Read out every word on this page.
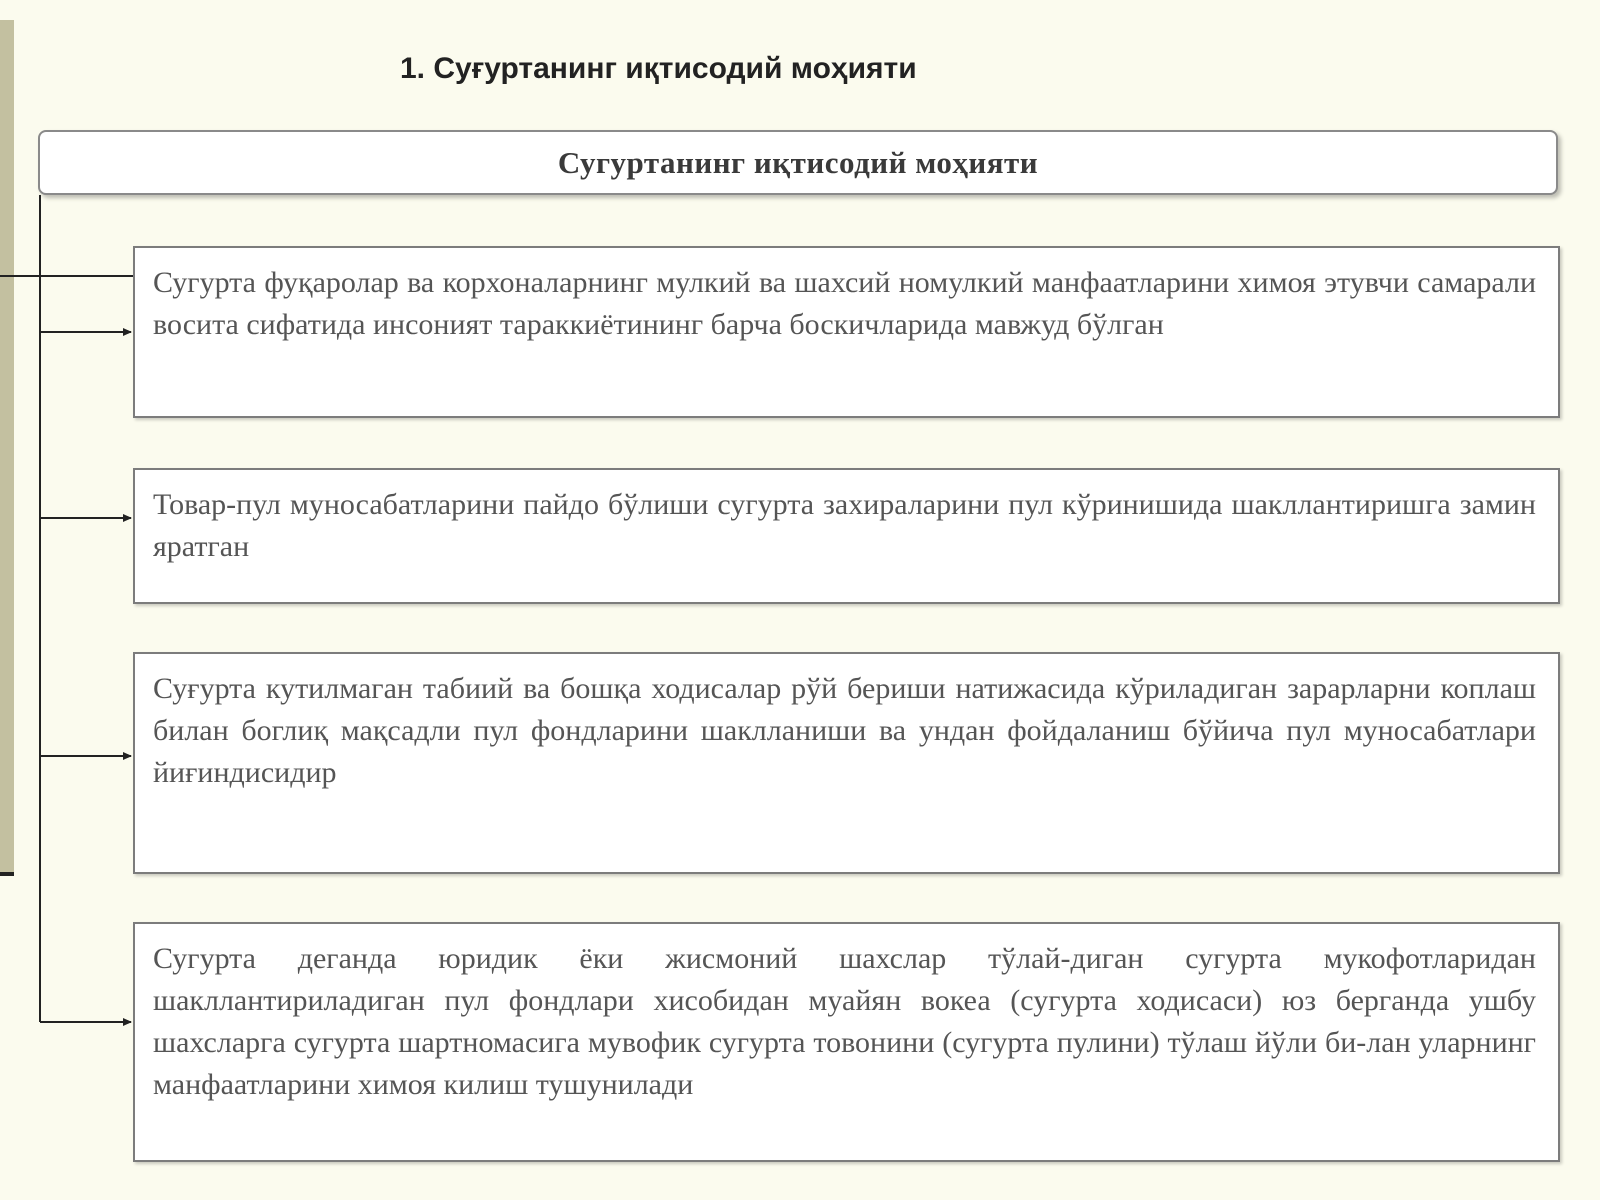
1. Суғуртанинг иқтисодий моҳияти
Сугуртанинг иқтисодий моҳияти

Сугурта фуқаролар ва корхоналарнинг мулкий ва шахсий номулкий манфаатларини химоя этувчи самарали восита сифатида инсоният тараккиётининг барча боскичларида мавжуд бўлган

Товар-пул муносабатларини пайдо бўлиши сугурта захираларини пул кўринишида шакллантиришга замин яратган

Суғурта кутилмаган табиий ва бошқа ходисалар рўй бериши натижасида кўриладиган зарарларни коплаш билан боглиқ мақсадли пул фондларини шаклланиши ва ундан фойдаланиш бўйича пул муносабатлари йиғиндисидир

Сугурта деганда юридик ёки жисмоний шахслар тўлай-диган сугурта мукофотларидан шакллантириладиган пул фондлари хисобидан муайян вокеа (сугурта ходисаси) юз берганда ушбу шахсларга сугурта шартномасига мувофик сугурта товонини (сугурта пулини) тўлаш йўли би-лан уларнинг манфаатларини химоя килиш тушунилади
